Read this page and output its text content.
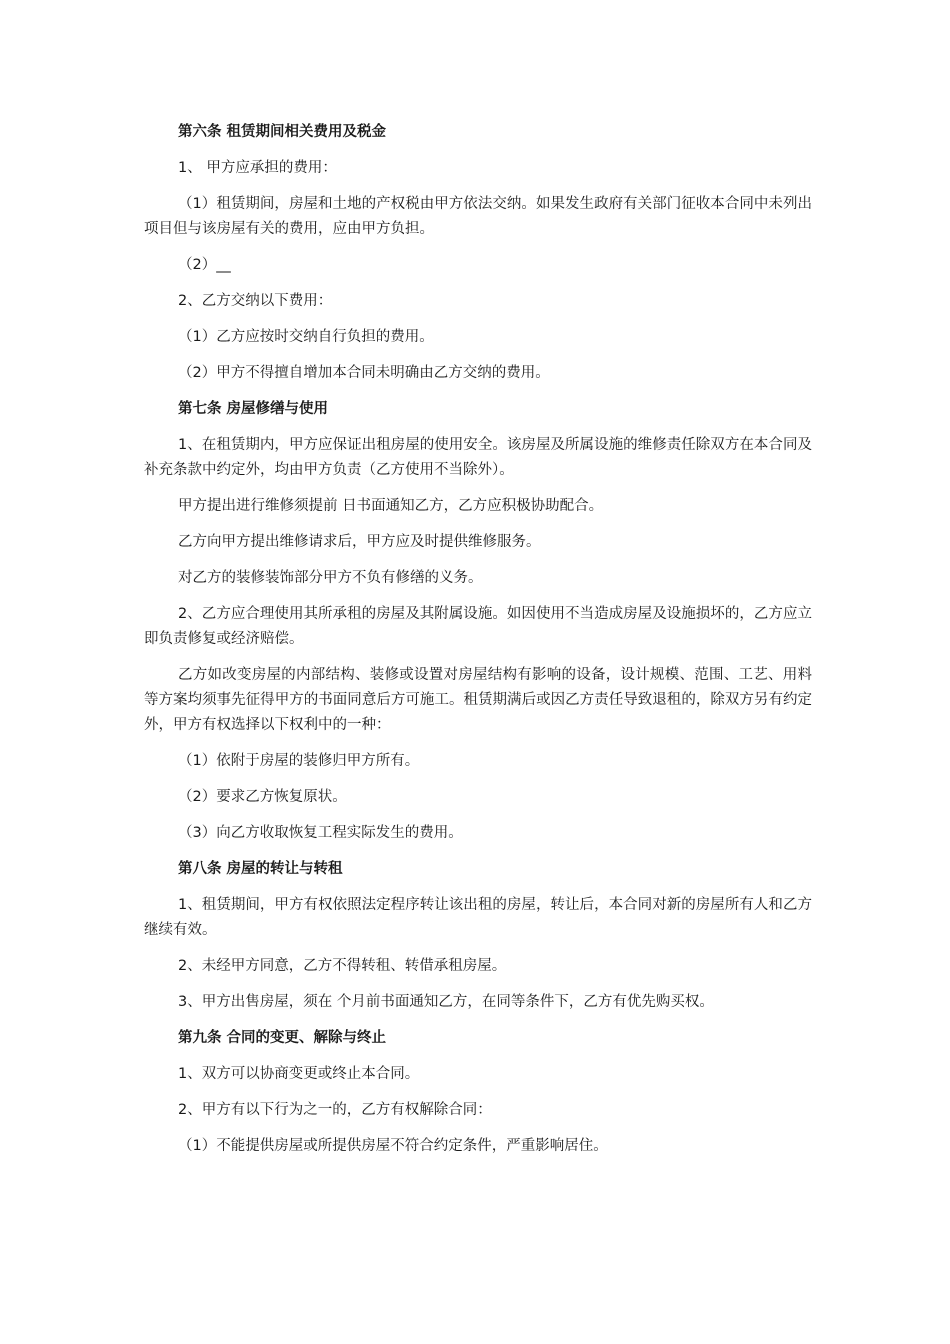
第六条 租赁期间相关费用及税金

1、 甲方应承担的费用：

（1）租赁期间，房屋和土地的产权税由甲方依法交纳。如果发生政府有关部门征收本合同中未列出项目但与该房屋有关的费用，应由甲方负担。

（2）__

2、乙方交纳以下费用：

（1）乙方应按时交纳自行负担的费用。

（2）甲方不得擅自增加本合同未明确由乙方交纳的费用。

第七条 房屋修缮与使用

1、在租赁期内，甲方应保证出租房屋的使用安全。该房屋及所属设施的维修责任除双方在本合同及补充条款中约定外，均由甲方负责（乙方使用不当除外）。

甲方提出进行维修须提前 日书面通知乙方，乙方应积极协助配合。

乙方向甲方提出维修请求后，甲方应及时提供维修服务。

对乙方的装修装饰部分甲方不负有修缮的义务。

2、乙方应合理使用其所承租的房屋及其附属设施。如因使用不当造成房屋及设施损坏的，乙方应立即负责修复或经济赔偿。

乙方如改变房屋的内部结构、装修或设置对房屋结构有影响的设备，设计规模、范围、工艺、用料等方案均须事先征得甲方的书面同意后方可施工。租赁期满后或因乙方责任导致退租的，除双方另有约定外，甲方有权选择以下权利中的一种：

（1）依附于房屋的装修归甲方所有。

（2）要求乙方恢复原状。

（3）向乙方收取恢复工程实际发生的费用。

第八条 房屋的转让与转租

1、租赁期间，甲方有权依照法定程序转让该出租的房屋，转让后，本合同对新的房屋所有人和乙方继续有效。

2、未经甲方同意，乙方不得转租、转借承租房屋。

3、甲方出售房屋，须在 个月前书面通知乙方，在同等条件下，乙方有优先购买权。

第九条 合同的变更、解除与终止

1、双方可以协商变更或终止本合同。

2、甲方有以下行为之一的，乙方有权解除合同：

（1）不能提供房屋或所提供房屋不符合约定条件，严重影响居住。
